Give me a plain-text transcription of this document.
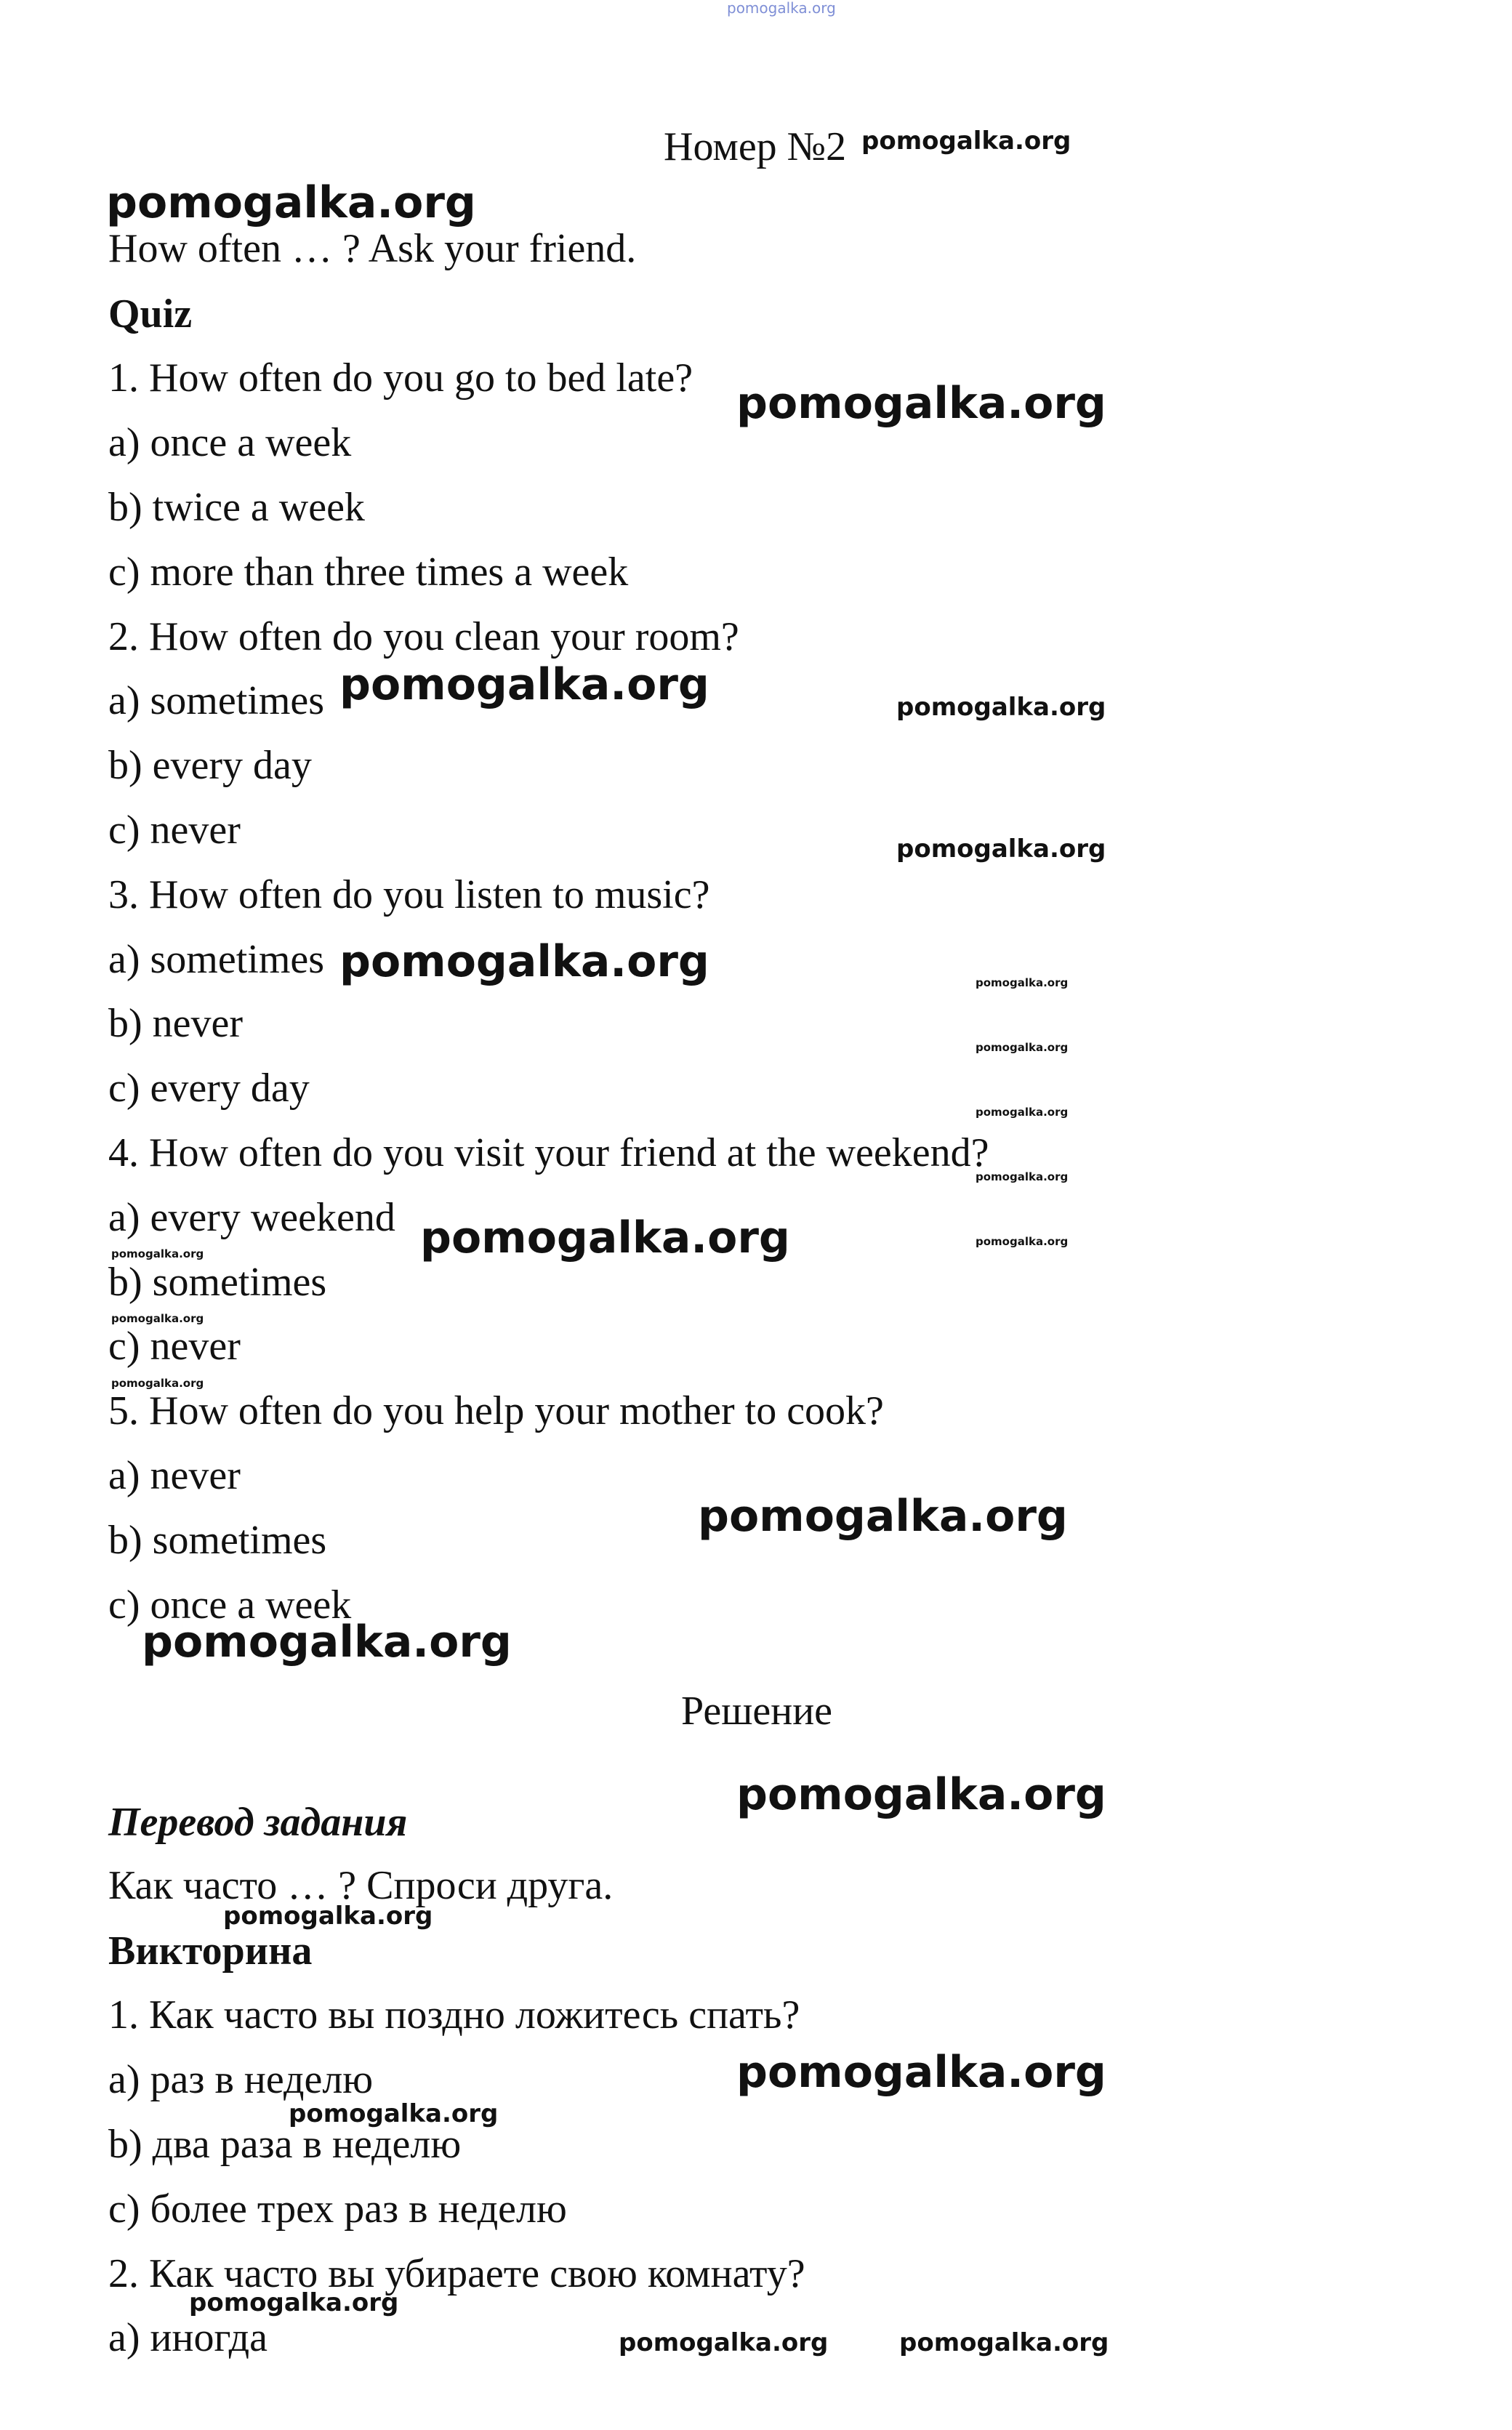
pomogalka.org
Номер №2
How often … ? Ask your friend.
Quiz
1. How often do you go to bed late?
a) once a week
b) twice a week
c) more than three times a week
2. How often do you clean your room?
a) sometimes
b) every day
c) never
3. How often do you listen to music?
a) sometimes
b) never
c) every day
4. How often do you visit your friend at the weekend?
a) every weekend
b) sometimes
c) never
5. How often do you help your mother to cook?
a) never
b) sometimes
c) once a week
Решение
Перевод задания
Как часто … ? Спроси друга.
Викторина
1. Как часто вы поздно ложитесь спать?
a) раз в неделю
b) два раза в неделю
c) более трех раз в неделю
2. Как часто вы убираете свою комнату?
a) иногда
pomogalka.org
pomogalka.org
pomogalka.org
pomogalka.org	pomogalka.org
pomogalka.org
pomogalka.org	pomogalka.org
pomogalka.org
pomogalka.org
pomogalka.org
pomogalka.org
pomogalka.org
pomogalka.org
pomogalka.org
pomogalka.org
pomogalka.org
pomogalka.org
pomogalka.org
pomogalka.org
pomogalka.org
pomogalka.org
pomogalka.org
pomogalka.org	pomogalka.org
